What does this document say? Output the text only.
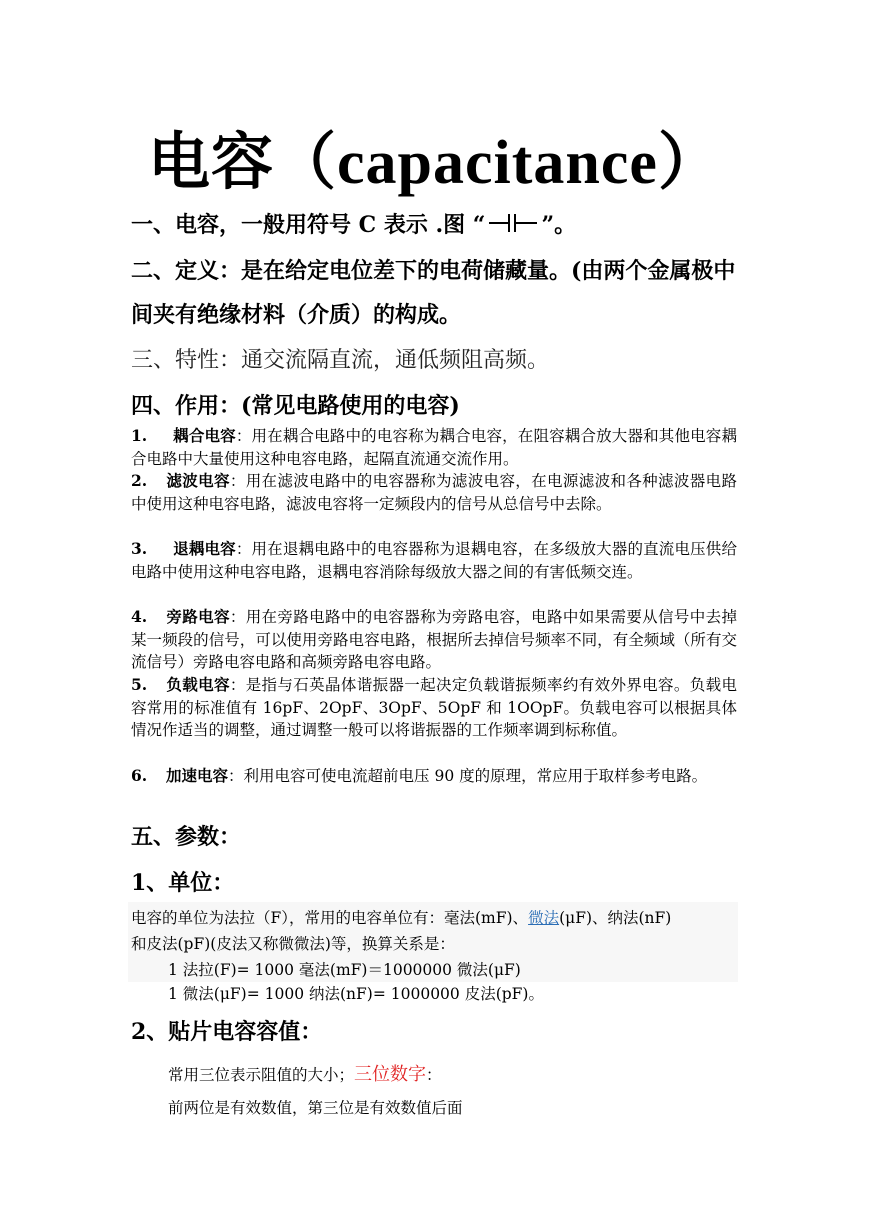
电容（capacitance）
一、电容，一般用符号 C 表示 .图 “	”。
二、定义：是在给定电位差下的电荷储藏量。(由两个金属极中
间夹有绝缘材料（介质）的构成。
三、特性：通交流隔直流，通低频阻高频。
四、作用：(常见电路使用的电容)
1. 耦合电容：用在耦合电路中的电容称为耦合电容，在阻容耦合放大器和其他电容耦合电路中大量使用这种电容电路，起隔直流通交流作用。
2. 滤波电容：用在滤波电路中的电容器称为滤波电容，在电源滤波和各种滤波器电路中使用这种电容电路，滤波电容将一定频段内的信号从总信号中去除。
3. 退耦电容：用在退耦电路中的电容器称为退耦电容，在多级放大器的直流电压供给电路中使用这种电容电路，退耦电容消除每级放大器之间的有害低频交连。
4. 旁路电容：用在旁路电路中的电容器称为旁路电容，电路中如果需要从信号中去掉某一频段的信号，可以使用旁路电容电路，根据所去掉信号频率不同，有全频域（所有交流信号）旁路电容电路和高频旁路电容电路。
5. 负载电容：是指与石英晶体谐振器一起决定负载谐振频率约有效外界电容。负载电容常用的标准值有 16pF、2OpF、3OpF、5OpF 和 1OOpF。负载电容可以根据具体情况作适当的调整，通过调整一般可以将谐振器的工作频率调到标称值。
6. 加速电容：利用电容可使电流超前电压 90 度的原理，常应用于取样参考电路。
五、参数：
1、单位：
电容的单位为法拉（F），常用的电容单位有：毫法(mF)、微法(μF)、纳法(nF)
和皮法(pF)(皮法又称微微法)等，换算关系是：
1 法拉(F)= 1000 毫法(mF)＝1000000 微法(μF)
1 微法(μF)= 1000 纳法(nF)= 1000000 皮法(pF)。
2、贴片电容容值：
常用三位表示阻值的大小；三位数字：
前两位是有效数值，第三位是有效数值后面
